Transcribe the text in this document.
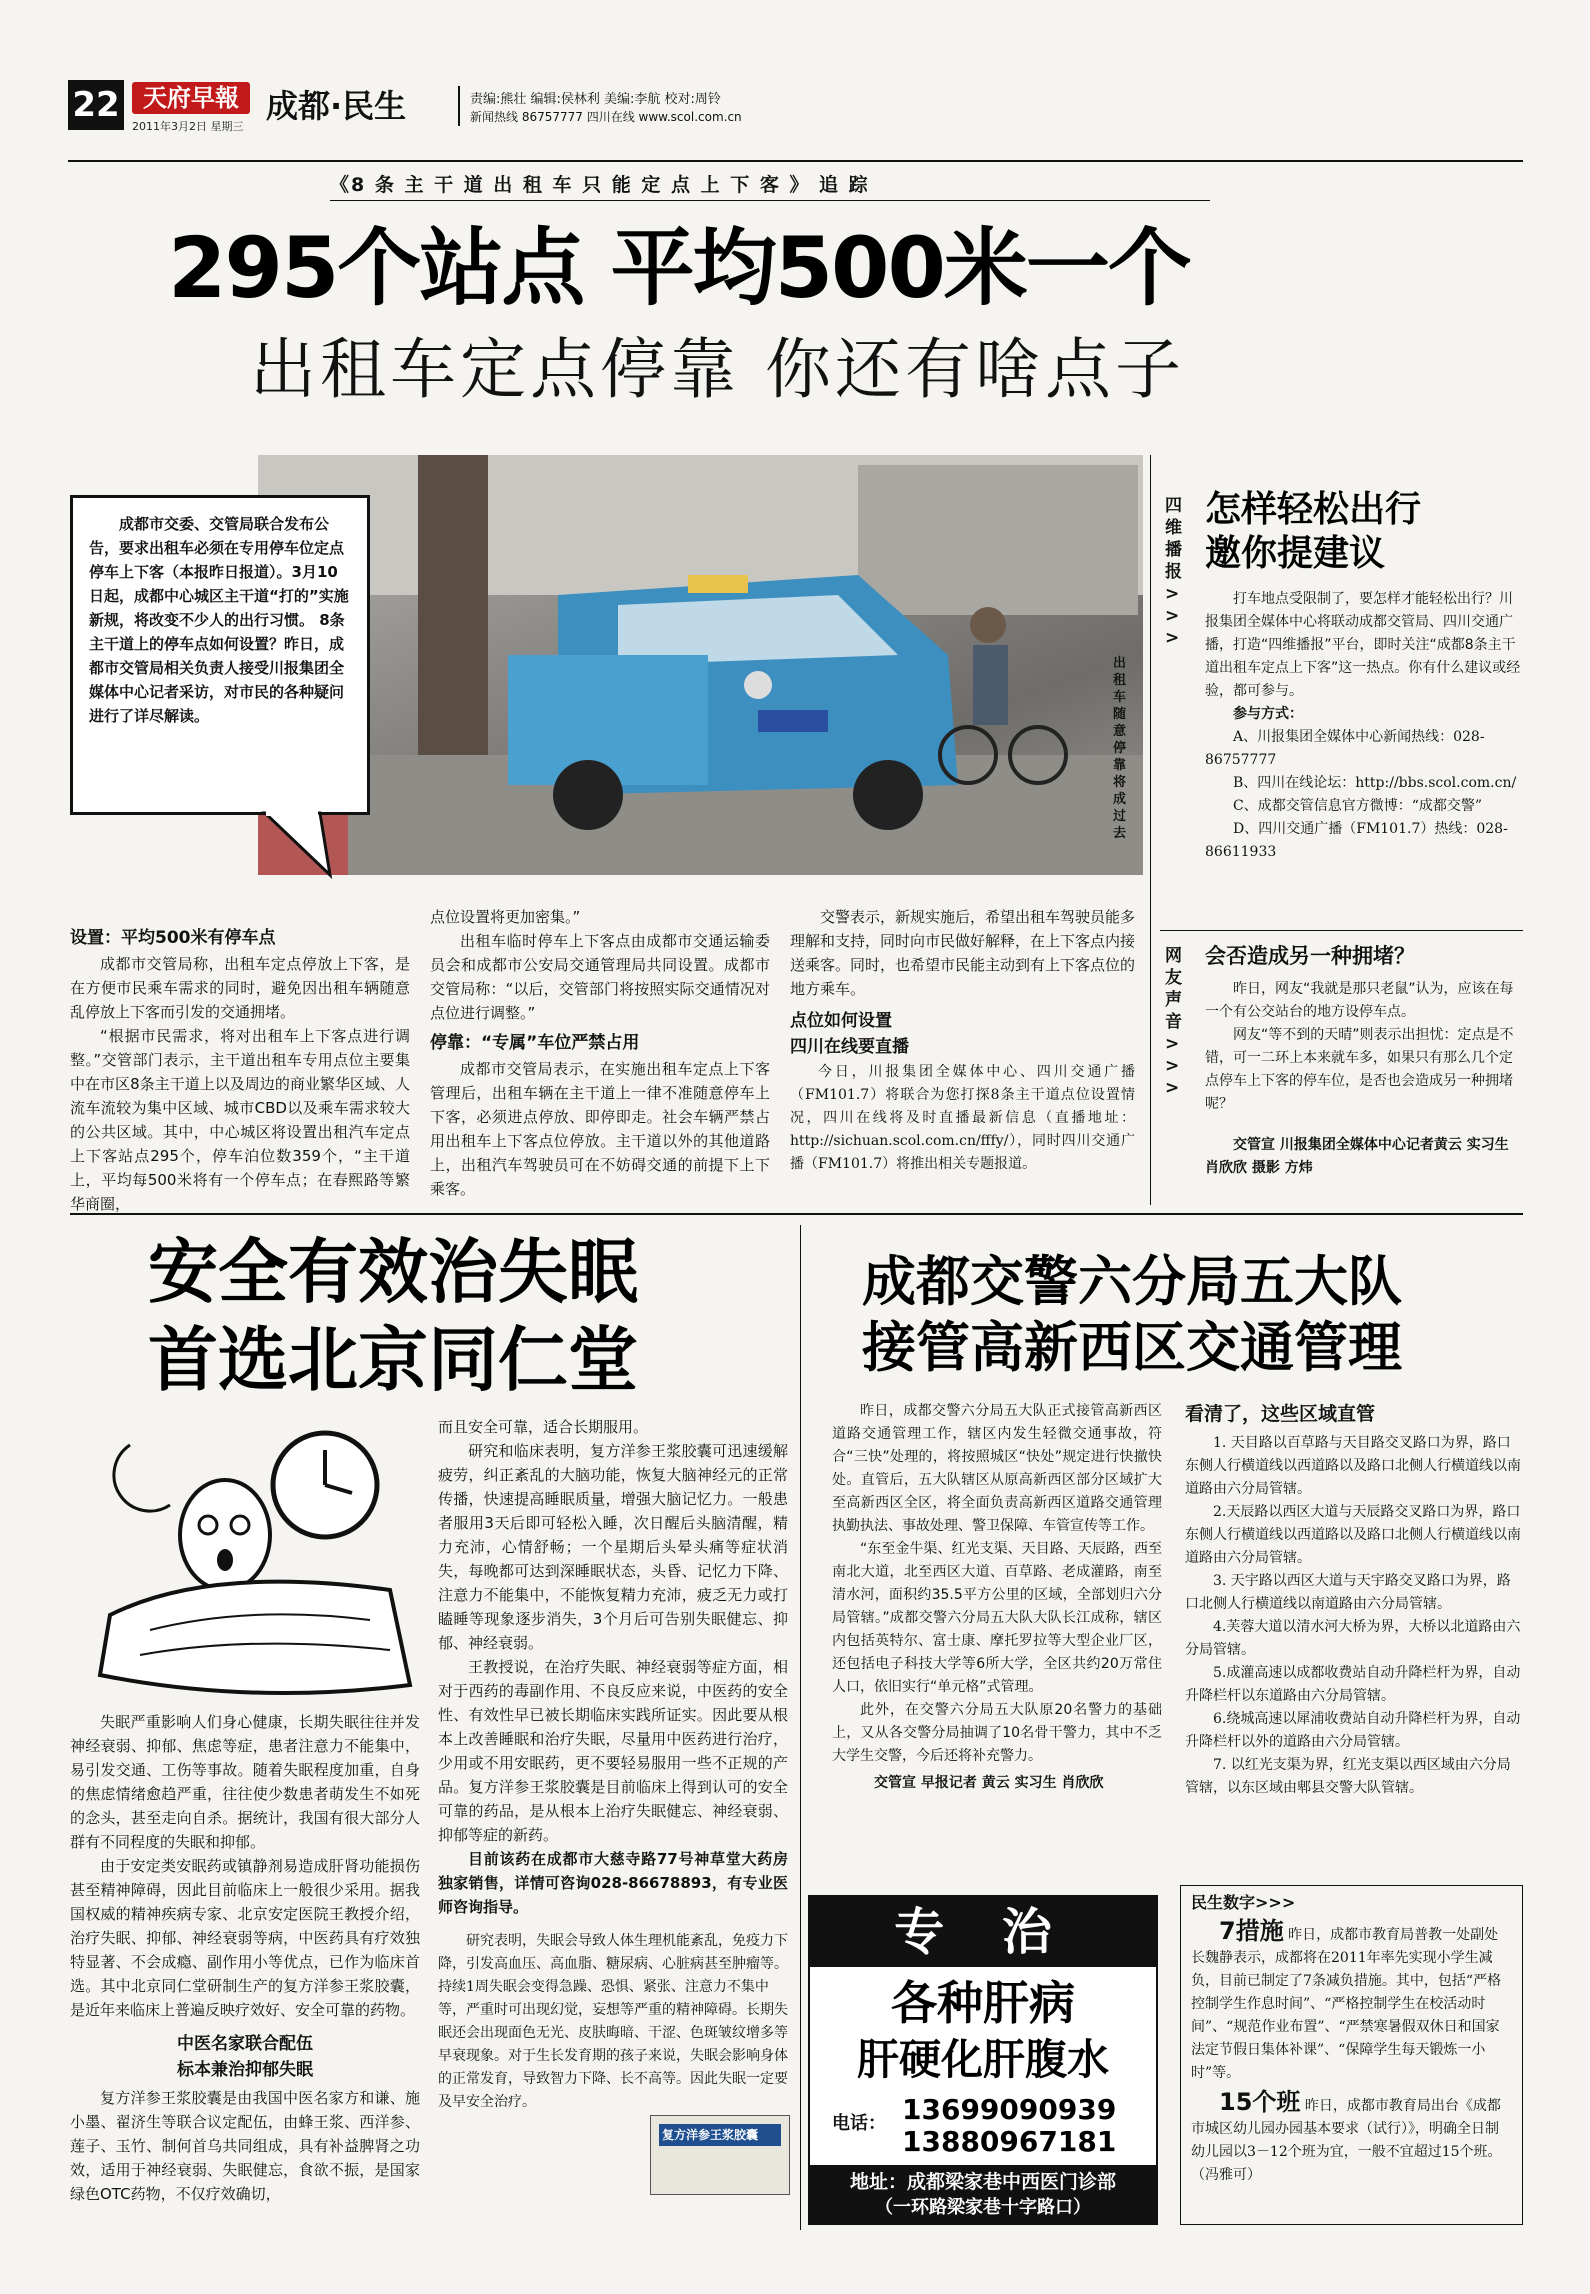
22 天府早報
2011年3月2日 星期三
成都·民生	责编:熊壮 编辑:侯林利 美编:李航 校对:周铃
新闻热线 86757777 四川在线 www.scol.com.cn
《8 条 主 干 道 出 租 车 只 能 定 点 上 下 客 》 追 踪
295个站点 平均500米一个
出租车定点停靠 你还有啥点子
出租车随意停靠将成过去
成都市交委、交管局联合发布公告，要求出租车必须在专用停车位定点停车上下客（本报昨日报道）。3月10日起，成都中心城区主干道“打的”实施新规，将改变不少人的出行习惯。 8条主干道上的停车点如何设置？昨日，成都市交管局相关负责人接受川报集团全媒体中心记者采访，对市民的各种疑问进行了详尽解读。
设置：平均500米有停车点

成都市交管局称，出租车定点停放上下客，是在方便市民乘车需求的同时，避免因出租车辆随意乱停放上下客而引发的交通拥堵。

“根据市民需求，将对出租车上下客点进行调整。”交管部门表示，主干道出租车专用点位主要集中在市区8条主干道上以及周边的商业繁华区域、人流车流较为集中区域、城市CBD以及乘车需求较大的公共区域。其中，中心城区将设置出租汽车定点上下客站点295个，停车泊位数359个，“主干道上，平均每500米将有一个停车点；在春熙路等繁华商圈，

点位设置将更加密集。”

出租车临时停车上下客点由成都市交通运输委员会和成都市公安局交通管理局共同设置。成都市交管局称：“以后，交管部门将按照实际交通情况对点位进行调整。”

停靠：“专属”车位严禁占用

成都市交管局表示，在实施出租车定点上下客管理后，出租车辆在主干道上一律不准随意停车上下客，必须进点停放、即停即走。社会车辆严禁占用出租车上下客点位停放。主干道以外的其他道路上，出租汽车驾驶员可在不妨碍交通的前提下上下乘客。

交警表示，新规实施后，希望出租车驾驶员能多理解和支持，同时向市民做好解释，在上下客点内接送乘客。同时，也希望市民能主动到有上下客点位的地方乘车。

点位如何设置
四川在线要直播

今日，川报集团全媒体中心、四川交通广播（FM101.7）将联合为您打探8条主干道点位设置情况，四川在线将及时直播最新信息（直播地址：http://sichuan.scol.com.cn/fffy/），同时四川交通广播（FM101.7）将推出相关专题报道。

四维播报>>>
怎样轻松出行
邀你提建议
打车地点受限制了，要怎样才能轻松出行？川报集团全媒体中心将联动成都交管局、四川交通广播，打造“四维播报”平台，即时关注“成都8条主干道出租车定点上下客”这一热点。你有什么建议或经验，都可参与。
参与方式：
A、川报集团全媒体中心新闻热线：028-86757777
B、四川在线论坛：http://bbs.scol.com.cn/
C、成都交管信息官方微博：“成都交警”
D、四川交通广播（FM101.7）热线：028-86611933
网友声音>>>
会否造成另一种拥堵？
昨日，网友“我就是那只老鼠”认为，应该在每一个有公交站台的地方设停车点。
网友“等不到的天晴”则表示出担忧：定点是不错，可一二环上本来就车多，如果只有那么几个定点停车上下客的停车位，是否也会造成另一种拥堵呢？
交管宣 川报集团全媒体中心记者黄云 实习生 肖欣欣 摄影 方炜
安全有效治失眠
首选北京同仁堂

失眠严重影响人们身心健康，长期失眠往往并发神经衰弱、抑郁、焦虑等症，患者注意力不能集中，易引发交通、工伤等事故。随着失眠程度加重，自身的焦虑情绪愈趋严重，往往使少数患者萌发生不如死的念头，甚至走向自杀。据统计，我国有很大部分人群有不同程度的失眠和抑郁。

由于安定类安眠药或镇静剂易造成肝肾功能损伤甚至精神障碍，因此目前临床上一般很少采用。据我国权威的精神疾病专家、北京安定医院王教授介绍，治疗失眠、抑郁、神经衰弱等病，中医药具有疗效独特显著、不会成瘾、副作用小等优点，已作为临床首选。其中北京同仁堂研制生产的复方洋参王浆胶囊，是近年来临床上普遍反映疗效好、安全可靠的药物。

中医名家联合配伍
标本兼治抑郁失眠

复方洋参王浆胶囊是由我国中医名家方和谦、施小墨、翟济生等联合议定配伍，由蜂王浆、西洋参、莲子、玉竹、制何首乌共同组成，具有补益脾肾之功效，适用于神经衰弱、失眠健忘，食欲不振，是国家绿色OTC药物，不仅疗效确切，

而且安全可靠，适合长期服用。

研究和临床表明，复方洋参王浆胶囊可迅速缓解疲劳，纠正紊乱的大脑功能，恢复大脑神经元的正常传播，快速提高睡眠质量，增强大脑记忆力。一般患者服用3天后即可轻松入睡，次日醒后头脑清醒，精力充沛，心情舒畅；一个星期后头晕头痛等症状消失，每晚都可达到深睡眠状态，头昏、记忆力下降、注意力不能集中，不能恢复精力充沛，疲乏无力或打瞌睡等现象逐步消失，3个月后可告别失眠健忘、抑郁、神经衰弱。

王教授说，在治疗失眠、神经衰弱等症方面，相对于西药的毒副作用、不良反应来说，中医药的安全性、有效性早已被长期临床实践所证实。因此要从根本上改善睡眠和治疗失眠，尽量用中医药进行治疗，少用或不用安眠药，更不要轻易服用一些不正规的产品。复方洋参王浆胶囊是目前临床上得到认可的安全可靠的药品，是从根本上治疗失眠健忘、神经衰弱、抑郁等症的新药。

目前该药在成都市大慈寺路77号神草堂大药房独家销售，详情可咨询028-86678893，有专业医师咨询指导。

研究表明，失眠会导致人体生理机能紊乱，免疫力下降，引发高血压、高血脂、糖尿病、心脏病甚至肿瘤等。持续1周失眠会变得急躁、恐惧、紧张、注意力不集中等，严重时可出现幻觉，妄想等严重的精神障碍。长期失眠还会出现面色无光、皮肤晦暗、干涩、色斑皱纹增多等早衰现象。对于生长发育期的孩子来说，失眠会影响身体的正常发育，导致智力下降、长不高等。因此失眠一定要及早安全治疗。

复方洋参王浆胶囊
成都交警六分局五大队
接管高新西区交通管理

昨日，成都交警六分局五大队正式接管高新西区道路交通管理工作，辖区内发生轻微交通事故，符合“三快”处理的，将按照城区“快处”规定进行快撤快处。直管后，五大队辖区从原高新西区部分区域扩大至高新西区全区，将全面负责高新西区道路交通管理执勤执法、事故处理、警卫保障、车管宣传等工作。

“东至金牛渠、红光支渠、天目路、天辰路，西至南北大道，北至西区大道、百草路、老成灌路，南至清水河，面积约35.5平方公里的区域，全部划归六分局管辖。”成都交警六分局五大队大队长江成称，辖区内包括英特尔、富士康、摩托罗拉等大型企业厂区，还包括电子科技大学等6所大学，全区共约20万常住人口，依旧实行“单元格”式管理。

此外，在交警六分局五大队原20名警力的基础上，又从各交警分局抽调了10名骨干警力，其中不乏大学生交警，今后还将补充警力。

交管宣 早报记者 黄云 实习生 肖欣欣
看清了，这些区域直管
1. 天目路以百草路与天目路交叉路口为界，路口东侧人行横道线以西道路以及路口北侧人行横道线以南道路由六分局管辖。
2.天辰路以西区大道与天辰路交叉路口为界，路口东侧人行横道线以西道路以及路口北侧人行横道线以南道路由六分局管辖。
3. 天宇路以西区大道与天宇路交叉路口为界，路口北侧人行横道线以南道路由六分局管辖。
4.芙蓉大道以清水河大桥为界，大桥以北道路由六分局管辖。
5.成灌高速以成都收费站自动升降栏杆为界，自动升降栏杆以东道路由六分局管辖。
6.绕城高速以犀浦收费站自动升降栏杆为界，自动升降栏杆以外的道路由六分局管辖。
7. 以红光支渠为界，红光支渠以西区域由六分局管辖，以东区域由郫县交警大队管辖。
专 治
各种肝病
肝硬化肝腹水
电话： 13699090939
13880967181
地址：成都梁家巷中西医门诊部
（一环路梁家巷十字路口）
民生数字>>>
7措施 昨日，成都市教育局普教一处副处长魏静表示，成都将在2011年率先实现小学生减负，目前已制定了7条减负措施。其中，包括“严格控制学生作息时间”、“严格控制学生在校活动时间”、“规范作业布置”、“严禁寒暑假双休日和国家法定节假日集体补课”、“保障学生每天锻炼一小时”等。
15个班 昨日，成都市教育局出台《成都市城区幼儿园办园基本要求（试行）》，明确全日制幼儿园以3－12个班为宜，一般不宜超过15个班。（冯雅可）
